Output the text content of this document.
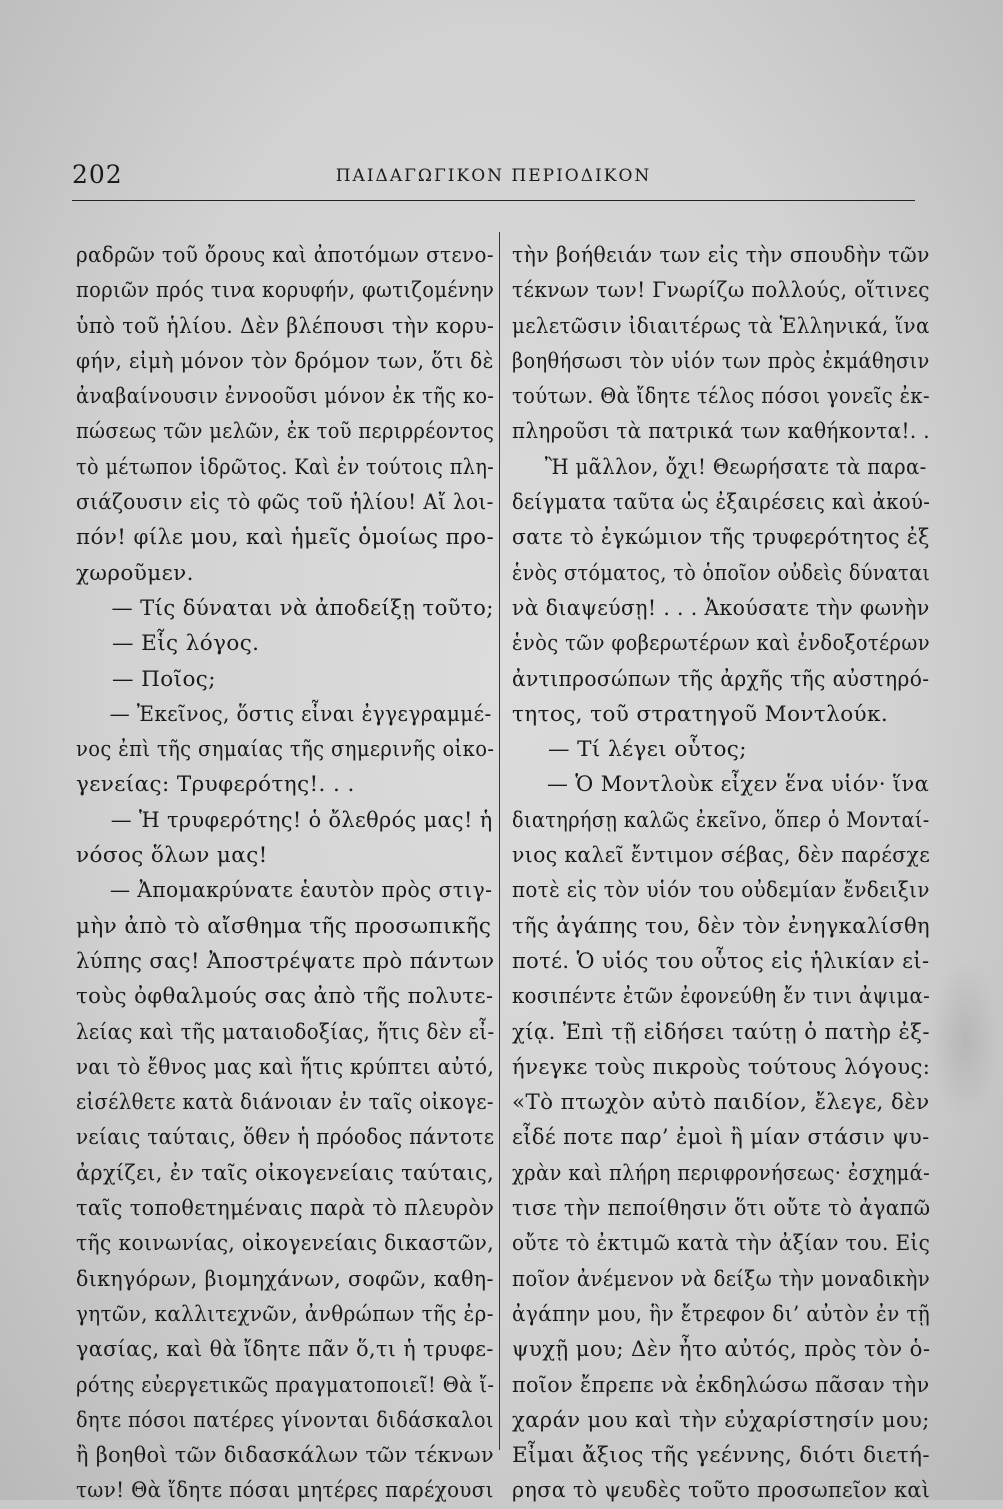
202	ΠΑΙΔΑΓΩΓΙΚΟΝ ΠΕΡΙΟΔΙΚΟΝ
ραδρῶν τοῦ ὄρους καὶ ἀποτόμων στενο-
ποριῶν πρός τινα κορυφήν, φωτιζομένην
ὑπὸ τοῦ ἡλίου. Δὲν βλέπουσι τὴν κορυ-
φήν, εἰμὴ μόνον τὸν δρόμον των, ὅτι δὲ
ἀναβαίνουσιν ἐννοοῦσι μόνον ἐκ τῆς κο-
πώσεως τῶν μελῶν, ἐκ τοῦ περιρρέοντος
τὸ μέτωπον ἱδρῶτος. Καὶ ἐν τούτοις πλη-
σιάζουσιν εἰς τὸ φῶς τοῦ ἡλίου! Αἴ λοι-
πόν! φίλε μου, καὶ ἡμεῖς ὁμοίως προ-
χωροῦμεν.
— Τίς δύναται νὰ ἀποδείξῃ τοῦτο;
— Εἷς λόγος.
— Ποῖος;
— Ἐκεῖνος, ὅστις εἶναι ἐγγεγραμμέ-
νος ἐπὶ τῆς σημαίας τῆς σημερινῆς οἰκο-
γενείας: Τρυφερότης!. . .
— Ἡ τρυφερότης! ὁ ὄλεθρός μας! ἡ
νόσος ὅλων μας!
— Ἀπομακρύνατε ἑαυτὸν πρὸς στιγ-
μὴν ἀπὸ τὸ αἴσθημα τῆς προσωπικῆς
λύπης σας! Ἀποστρέψατε πρὸ πάντων
τοὺς ὀφθαλμούς σας ἀπὸ τῆς πολυτε-
λείας καὶ τῆς ματαιοδοξίας, ἥτις δὲν εἶ-
ναι τὸ ἔθνος μας καὶ ἥτις κρύπτει αὐτό,
εἰσέλθετε κατὰ διάνοιαν ἐν ταῖς οἰκογε-
νείαις ταύταις, ὅθεν ἡ πρόοδος πάντοτε
ἀρχίζει, ἐν ταῖς οἰκογενείαις ταύταις,
ταῖς τοποθετημέναις παρὰ τὸ πλευρὸν
τῆς κοινωνίας, οἰκογενείαις δικαστῶν,
δικηγόρων, βιομηχάνων, σοφῶν, καθη-
γητῶν, καλλιτεχνῶν, ἀνθρώπων τῆς ἐρ-
γασίας, καὶ θὰ ἴδητε πᾶν ὅ,τι ἡ τρυφε-
ρότης εὐεργετικῶς πραγματοποιεῖ! Θὰ ἴ-
δητε πόσοι πατέρες γίνονται διδάσκαλοι
ἢ βοηθοὶ τῶν διδασκάλων τῶν τέκνων
των! Θὰ ἴδητε πόσαι μητέρες παρέχουσι
τὴν βοήθειάν των εἰς τὴν σπουδὴν τῶν
τέκνων των! Γνωρίζω πολλούς, οἵτινες
μελετῶσιν ἰδιαιτέρως τὰ Ἑλληνικά, ἵνα
βοηθήσωσι τὸν υἱόν των πρὸς ἐκμάθησιν
τούτων. Θὰ ἴδητε τέλος πόσοι γονεῖς ἐκ-
πληροῦσι τὰ πατρικά των καθήκοντα!. .
Ἢ μᾶλλον, ὄχι! Θεωρήσατε τὰ παρα-
δείγματα ταῦτα ὡς ἐξαιρέσεις καὶ ἀκού-
σατε τὸ ἐγκώμιον τῆς τρυφερότητος ἐξ
ἑνὸς στόματος, τὸ ὁποῖον οὐδεὶς δύναται
νὰ διαψεύσῃ! . . . Ἀκούσατε τὴν φωνὴν
ἑνὸς τῶν φοβερωτέρων καὶ ἐνδοξοτέρων
ἀντιπροσώπων τῆς ἀρχῆς τῆς αὐστηρό-
τητος, τοῦ στρατηγοῦ Μοντλούκ.
— Τί λέγει οὗτος;
— Ὁ Μοντλοὺκ εἶχεν ἕνα υἱόν· ἵνα
διατηρήσῃ καλῶς ἐκεῖνο, ὅπερ ὁ Μονταί-
νιος καλεῖ ἔντιμον σέβας, δὲν παρέσχε
ποτὲ εἰς τὸν υἱόν του οὐδεμίαν ἔνδειξιν
τῆς ἀγάπης του, δὲν τὸν ἐνηγκαλίσθη
ποτέ. Ὁ υἱός του οὗτος εἰς ἡλικίαν εἰ-
κοσιπέντε ἐτῶν ἐφονεύθη ἔν τινι ἀψιμα-
χίᾳ. Ἐπὶ τῇ εἰδήσει ταύτῃ ὁ πατὴρ ἐξ-
ήνεγκε τοὺς πικροὺς τούτους λόγους:
«Τὸ πτωχὸν αὐτὸ παιδίον, ἔλεγε, δὲν
εἶδέ ποτε παρ’ ἐμοὶ ἢ μίαν στάσιν ψυ-
χρὰν καὶ πλήρη περιφρονήσεως· ἐσχημά-
τισε τὴν πεποίθησιν ὅτι οὔτε τὸ ἀγαπῶ
οὔτε τὸ ἐκτιμῶ κατὰ τὴν ἀξίαν του. Εἰς
ποῖον ἀνέμενον νὰ δείξω τὴν μοναδικὴν
ἀγάπην μου, ἣν ἔτρεφον δι’ αὐτὸν ἐν τῇ
ψυχῇ μου; Δὲν ἦτο αὐτός, πρὸς τὸν ὁ-
ποῖον ἔπρεπε νὰ ἐκδηλώσω πᾶσαν τὴν
χαράν μου καὶ τὴν εὐχαρίστησίν μου;
Εἶμαι ἄξιος τῆς γεέννης, διότι διετή-
ρησα τὸ ψευδὲς τοῦτο προσωπεῖον καὶ
